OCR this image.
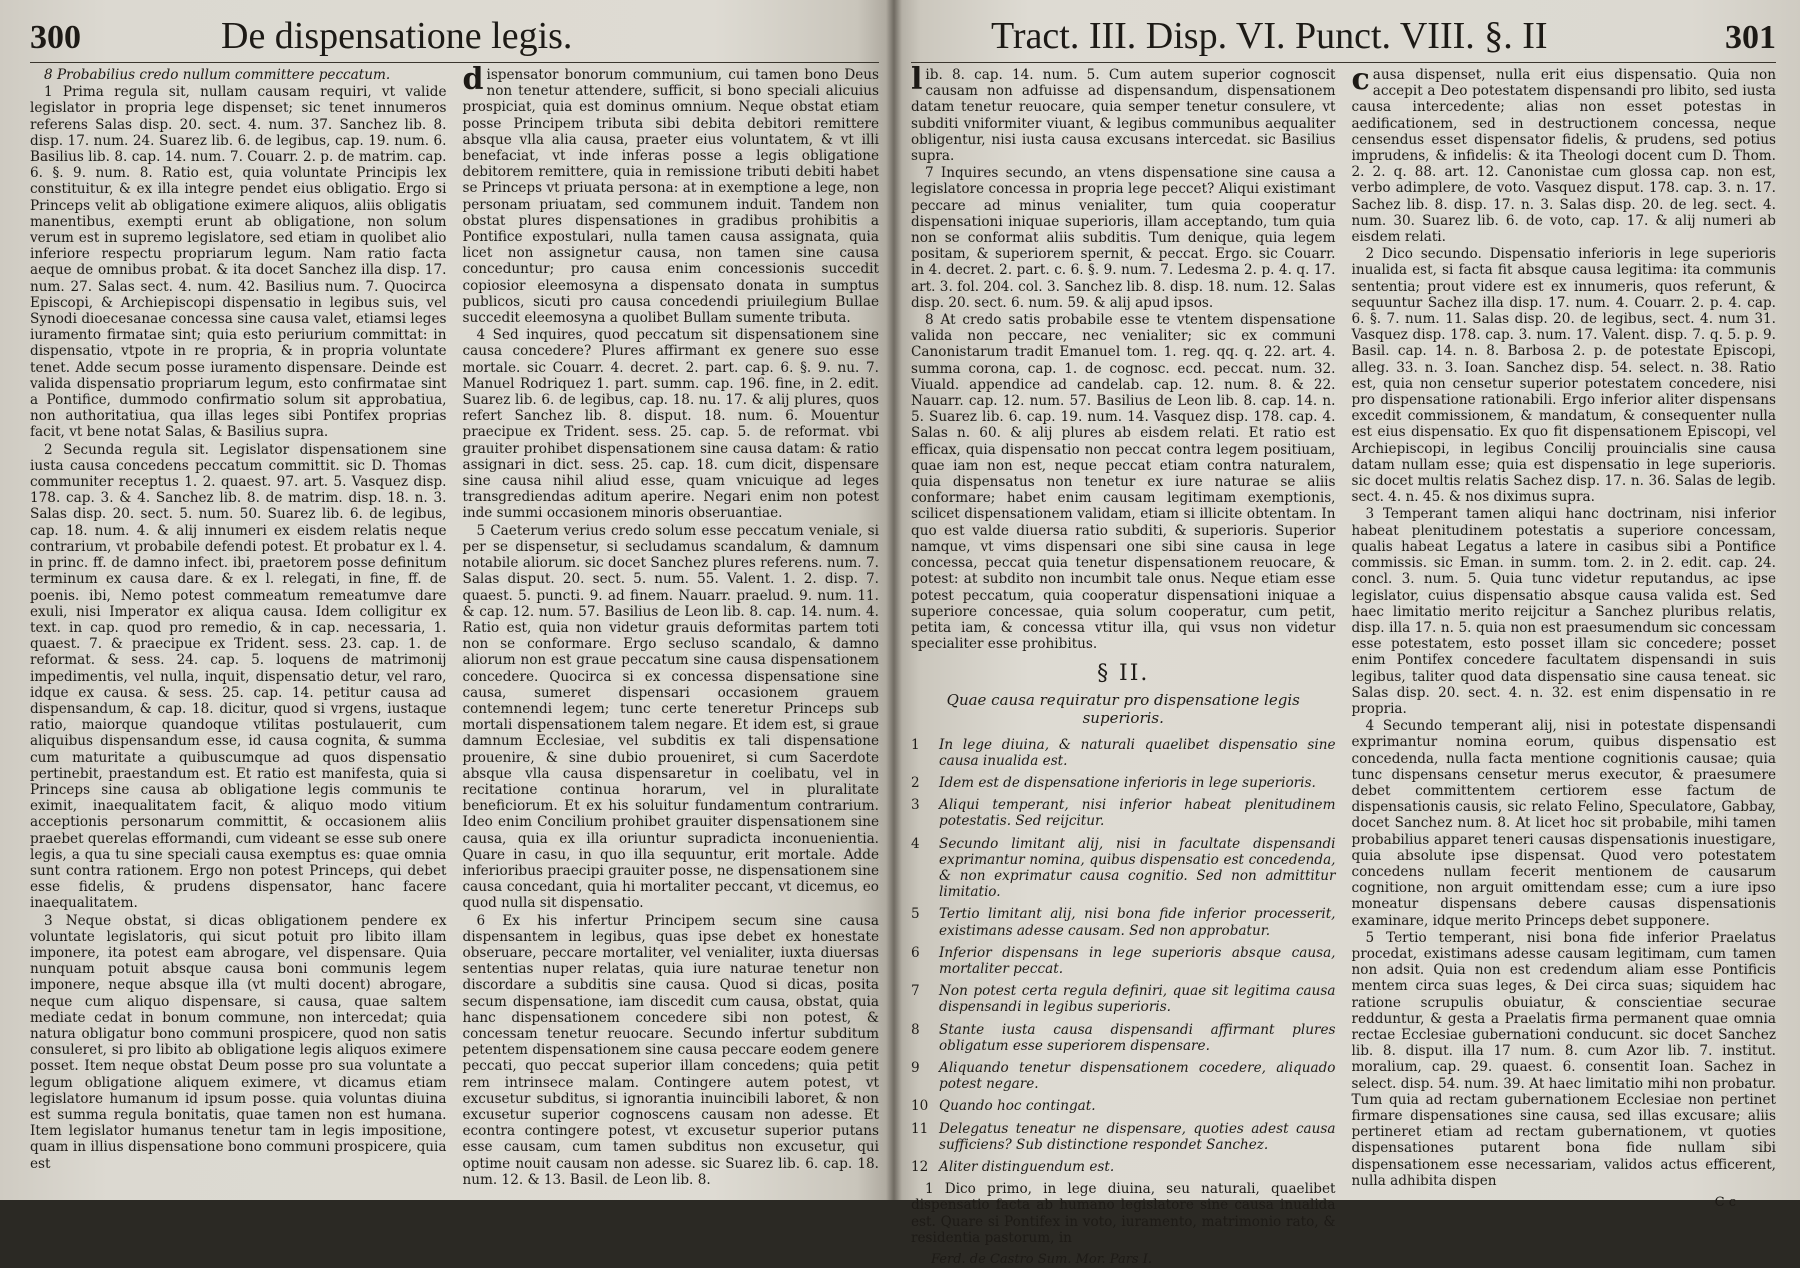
300	De dispensatione legis.

8 Probabilius credo nullum committere peccatum.

1 Prima regula sit, nullam causam requiri, vt valide legislator in propria lege dispenset; sic tenet innumeros referens Salas disp. 20. sect. 4. num. 37. Sanchez lib. 8. disp. 17. num. 24. Suarez lib. 6. de legibus, cap. 19. num. 6. Basilius lib. 8. cap. 14. num. 7. Couarr. 2. p. de matrim. cap. 6. §. 9. num. 8. Ratio est, quia voluntate Principis lex constituitur, & ex illa integre pendet eius obligatio. Ergo si Princeps velit ab obligatione eximere aliquos, aliis obligatis manentibus, exempti erunt ab obligatione, non solum verum est in supremo legislatore, sed etiam in quolibet alio inferiore respectu propriarum legum. Nam ratio facta aeque de omnibus probat. & ita docet Sanchez illa disp. 17. num. 27. Salas sect. 4. num. 42. Basilius num. 7. Quocirca Episcopi, & Archiepiscopi dispensatio in legibus suis, vel Synodi dioecesanae concessa sine causa valet, etiamsi leges iuramento firmatae sint; quia esto periurium committat: in dispensatio, vtpote in re propria, & in propria voluntate tenet. Adde secum posse iuramento dispensare. Deinde est valida dispensatio propriarum legum, esto confirmatae sint a Pontifice, dummodo confirmatio solum sit approbatiua, non authoritatiua, qua illas leges sibi Pontifex proprias facit, vt bene notat Salas, & Basilius supra.

2 Secunda regula sit. Legislator dispensationem sine iusta causa concedens peccatum committit. sic D. Thomas communiter receptus 1. 2. quaest. 97. art. 5. Vasquez disp. 178. cap. 3. & 4. Sanchez lib. 8. de matrim. disp. 18. n. 3. Salas disp. 20. sect. 5. num. 50. Suarez lib. 6. de legibus, cap. 18. num. 4. & alij innumeri ex eisdem relatis neque contrarium, vt probabile defendi potest. Et probatur ex l. 4. in princ. ff. de damno infect. ibi, praetorem posse definitum terminum ex causa dare. & ex l. relegati, in fine, ff. de poenis. ibi, Nemo potest commeatum remeatumve dare exuli, nisi Imperator ex aliqua causa. Idem colligitur ex text. in cap. quod pro remedio, & in cap. necessaria, 1. quaest. 7. & praecipue ex Trident. sess. 23. cap. 1. de reformat. & sess. 24. cap. 5. loquens de matrimonij impedimentis, vel nulla, inquit, dispensatio detur, vel raro, idque ex causa. & sess. 25. cap. 14. petitur causa ad dispensandum, & cap. 18. dicitur, quod si vrgens, iustaque ratio, maiorque quandoque vtilitas postulauerit, cum aliquibus dispensandum esse, id causa cognita, & summa cum maturitate a quibuscumque ad quos dispensatio pertinebit, praestandum est. Et ratio est manifesta, quia si Princeps sine causa ab obligatione legis communis te eximit, inaequalitatem facit, & aliquo modo vitium acceptionis personarum committit, & occasionem aliis praebet querelas efformandi, cum videant se esse sub onere legis, a qua tu sine speciali causa exemptus es: quae omnia sunt contra rationem. Ergo non potest Princeps, qui debet esse fidelis, & prudens dispensator, hanc facere inaequalitatem.

3 Neque obstat, si dicas obligationem pendere ex voluntate legislatoris, qui sicut potuit pro libito illam imponere, ita potest eam abrogare, vel dispensare. Quia nunquam potuit absque causa boni communis legem imponere, neque absque illa (vt multi docent) abrogare, neque cum aliquo dispensare, si causa, quae saltem mediate cedat in bonum commune, non intercedat; quia natura obligatur bono communi prospicere, quod non satis consuleret, si pro libito ab obligatione legis aliquos eximere posset. Item neque obstat Deum posse pro sua voluntate a legum obligatione aliquem eximere, vt dicamus etiam legislatore humanum id ipsum posse. quia voluntas diuina est summa regula bonitatis, quae tamen non est humana. Item legislator humanus tenetur tam in legis impositione, quam in illius dispensatione bono communi prospicere, quia est

dispensator bonorum communium, cui tamen bono Deus non tenetur attendere, sufficit, si bono speciali alicuius prospiciat, quia est dominus omnium. Neque obstat etiam posse Principem tributa sibi debita debitori remittere absque vlla alia causa, praeter eius voluntatem, & vt illi benefaciat, vt inde inferas posse a legis obligatione debitorem remittere, quia in remissione tributi debiti habet se Princeps vt priuata persona: at in exemptione a lege, non personam priuatam, sed communem induit. Tandem non obstat plures dispensationes in gradibus prohibitis a Pontifice expostulari, nulla tamen causa assignata, quia licet non assignetur causa, non tamen sine causa conceduntur; pro causa enim concessionis succedit copiosior eleemosyna a dispensato donata in sumptus publicos, sicuti pro causa concedendi priuilegium Bullae succedit eleemosyna a quolibet Bullam sumente tributa.

4 Sed inquires, quod peccatum sit dispensationem sine causa concedere? Plures affirmant ex genere suo esse mortale. sic Couarr. 4. decret. 2. part. cap. 6. §. 9. nu. 7. Manuel Rodriquez 1. part. summ. cap. 196. fine, in 2. edit. Suarez lib. 6. de legibus, cap. 18. nu. 17. & alij plures, quos refert Sanchez lib. 8. disput. 18. num. 6. Mouentur praecipue ex Trident. sess. 25. cap. 5. de reformat. vbi grauiter prohibet dispensationem sine causa datam: & ratio assignari in dict. sess. 25. cap. 18. cum dicit, dispensare sine causa nihil aliud esse, quam vnicuique ad leges transgrediendas aditum aperire. Negari enim non potest inde summi occasionem minoris obseruantiae.

5 Caeterum verius credo solum esse peccatum veniale, si per se dispensetur, si secludamus scandalum, & damnum notabile aliorum. sic docet Sanchez plures referens. num. 7. Salas disput. 20. sect. 5. num. 55. Valent. 1. 2. disp. 7. quaest. 5. puncti. 9. ad finem. Nauarr. praelud. 9. num. 11. & cap. 12. num. 57. Basilius de Leon lib. 8. cap. 14. num. 4. Ratio est, quia non videtur grauis deformitas partem toti non se conformare. Ergo secluso scandalo, & damno aliorum non est graue peccatum sine causa dispensationem concedere. Quocirca si ex concessa dispensatione sine causa, sumeret dispensari occasionem grauem contemnendi legem; tunc certe teneretur Princeps sub mortali dispensationem talem negare. Et idem est, si graue damnum Ecclesiae, vel subditis ex tali dispensatione prouenire, & sine dubio proueniret, si cum Sacerdote absque vlla causa dispensaretur in coelibatu, vel in recitatione continua horarum, vel in pluralitate beneficiorum. Et ex his soluitur fundamentum contrarium. Ideo enim Concilium prohibet grauiter dispensationem sine causa, quia ex illa oriuntur supradicta inconuenientia. Quare in casu, in quo illa sequuntur, erit mortale. Adde inferioribus praecipi grauiter posse, ne dispensationem sine causa concedant, quia hi mortaliter peccant, vt dicemus, eo quod nulla sit dispensatio.

6 Ex his infertur Principem secum sine causa dispensantem in legibus, quas ipse debet ex honestate obseruare, peccare mortaliter, vel venialiter, iuxta diuersas sententias nuper relatas, quia iure naturae tenetur non discordare a subditis sine causa. Quod si dicas, posita secum dispensatione, iam discedit cum causa, obstat, quia hanc dispensationem concedere sibi non potest, & concessam tenetur reuocare. Secundo infertur subditum petentem dispensationem sine causa peccare eodem genere peccati, quo peccat superior illam concedens; quia petit rem intrinsece malam. Contingere autem potest, vt excusetur subditus, si ignorantia inuincibili laboret, & non excusetur superior cognoscens causam non adesse. Et econtra contingere potest, vt excusetur superior putans esse causam, cum tamen subditus non excusetur, qui optime nouit causam non adesse. sic Suarez lib. 6. cap. 18. num. 12. & 13. Basil. de Leon lib. 8.

Tract. III. Disp. VI. Punct. VIII. §. II	301

lib. 8. cap. 14. num. 5. Cum autem superior cognoscit causam non adfuisse ad dispensandum, dispensationem datam tenetur reuocare, quia semper tenetur consulere, vt subditi vniformiter viuant, & legibus communibus aequaliter obligentur, nisi iusta causa excusans intercedat. sic Basilius supra.

7 Inquires secundo, an vtens dispensatione sine causa a legislatore concessa in propria lege peccet? Aliqui existimant peccare ad minus venialiter, tum quia cooperatur dispensationi iniquae superioris, illam acceptando, tum quia non se conformat aliis subditis. Tum denique, quia legem positam, & superiorem spernit, & peccat. Ergo. sic Couarr. in 4. decret. 2. part. c. 6. §. 9. num. 7. Ledesma 2. p. 4. q. 17. art. 3. fol. 204. col. 3. Sanchez lib. 8. disp. 18. num. 12. Salas disp. 20. sect. 6. num. 59. & alij apud ipsos.

8 At credo satis probabile esse te vtentem dispensatione valida non peccare, nec venialiter; sic ex communi Canonistarum tradit Emanuel tom. 1. reg. qq. q. 22. art. 4. summa corona, cap. 1. de cognosc. ecd. peccat. num. 32. Viuald. appendice ad candelab. cap. 12. num. 8. & 22. Nauarr. cap. 12. num. 57. Basilius de Leon lib. 8. cap. 14. n. 5. Suarez lib. 6. cap. 19. num. 14. Vasquez disp. 178. cap. 4. Salas n. 60. & alij plures ab eisdem relati. Et ratio est efficax, quia dispensatio non peccat contra legem positiuam, quae iam non est, neque peccat etiam contra naturalem, quia dispensatus non tenetur ex iure naturae se aliis conformare; habet enim causam legitimam exemptionis, scilicet dispensationem validam, etiam si illicite obtentam. In quo est valde diuersa ratio subditi, & superioris. Superior namque, vt vims dispensari one sibi sine causa in lege concessa, peccat quia tenetur dispensationem reuocare, & potest: at subdito non incumbit tale onus. Neque etiam esse potest peccatum, quia cooperatur dispensationi iniquae a superiore concessae, quia solum cooperatur, cum petit, petita iam, & concessa vtitur illa, qui vsus non videtur specialiter esse prohibitus.

§ II.
Quae causa requiratur pro dispensatione legis superioris.
1	In lege diuina, & naturali quaelibet dispensatio sine causa inualida est.
2	Idem est de dispensatione inferioris in lege superioris.
3	Aliqui temperant, nisi inferior habeat plenitudinem potestatis. Sed reijcitur.
4	Secundo limitant alij, nisi in facultate dispensandi exprimantur nomina, quibus dispensatio est concedenda, & non exprimatur causa cognitio. Sed non admittitur limitatio.
5	Tertio limitant alij, nisi bona fide inferior processerit, existimans adesse causam. Sed non approbatur.
6	Inferior dispensans in lege superioris absque causa, mortaliter peccat.
7	Non potest certa regula definiri, quae sit legitima causa dispensandi in legibus superioris.
8	Stante iusta causa dispensandi affirmant plures obligatum esse superiorem dispensare.
9	Aliquando tenetur dispensationem cocedere, aliquado potest negare.
10 Quando hoc contingat.
11 Delegatus teneatur ne dispensare, quoties adest causa sufficiens? Sub distinctione respondet Sanchez.
12 Aliter distinguendum est.

1 Dico primo, in lege diuina, seu naturali, quaelibet dispensatio facta ab humano legislatore sine causa inualida est. Quare si Pontifex in voto, iuramento, matrimonio rato, & residentia pastorum, in

Ferd. de Castro Sum. Mor. Pars I.

causa dispenset, nulla erit eius dispensatio. Quia non accepit a Deo potestatem dispensandi pro libito, sed iusta causa intercedente; alias non esset potestas in aedificationem, sed in destructionem concessa, neque censendus esset dispensator fidelis, & prudens, sed potius imprudens, & infidelis: & ita Theologi docent cum D. Thom. 2. 2. q. 88. art. 12. Canonistae cum glossa cap. non est, verbo adimplere, de voto. Vasquez disput. 178. cap. 3. n. 17. Sachez lib. 8. disp. 17. n. 3. Salas disp. 20. de leg. sect. 4. num. 30. Suarez lib. 6. de voto, cap. 17. & alij numeri ab eisdem relati.

2 Dico secundo. Dispensatio inferioris in lege superioris inualida est, si facta fit absque causa legitima: ita communis sententia; prout videre est ex innumeris, quos referunt, & sequuntur Sachez illa disp. 17. num. 4. Couarr. 2. p. 4. cap. 6. §. 7. num. 11. Salas disp. 20. de legibus, sect. 4. num 31. Vasquez disp. 178. cap. 3. num. 17. Valent. disp. 7. q. 5. p. 9. Basil. cap. 14. n. 8. Barbosa 2. p. de potestate Episcopi, alleg. 33. n. 3. Ioan. Sanchez disp. 54. select. n. 38. Ratio est, quia non censetur superior potestatem concedere, nisi pro dispensatione rationabili. Ergo inferior aliter dispensans excedit commissionem, & mandatum, & consequenter nulla est eius dispensatio. Ex quo fit dispensationem Episcopi, vel Archiepiscopi, in legibus Concilij prouincialis sine causa datam nullam esse; quia est dispensatio in lege superioris. sic docet multis relatis Sachez disp. 17. n. 36. Salas de legib. sect. 4. n. 45. & nos diximus supra.

3 Temperant tamen aliqui hanc doctrinam, nisi inferior habeat plenitudinem potestatis a superiore concessam, qualis habeat Legatus a latere in casibus sibi a Pontifice commissis. sic Eman. in summ. tom. 2. in 2. edit. cap. 24. concl. 3. num. 5. Quia tunc videtur reputandus, ac ipse legislator, cuius dispensatio absque causa valida est. Sed haec limitatio merito reijcitur a Sanchez pluribus relatis, disp. illa 17. n. 5. quia non est praesumendum sic concessam esse potestatem, esto posset illam sic concedere; posset enim Pontifex concedere facultatem dispensandi in suis legibus, taliter quod data dispensatio sine causa teneat. sic Salas disp. 20. sect. 4. n. 32. est enim dispensatio in re propria.

4 Secundo temperant alij, nisi in potestate dispensandi exprimantur nomina eorum, quibus dispensatio est concedenda, nulla facta mentione cognitionis causae; quia tunc dispensans censetur merus executor, & praesumere debet committentem certiorem esse factum de dispensationis causis, sic relato Felino, Speculatore, Gabbay, docet Sanchez num. 8. At licet hoc sit probabile, mihi tamen probabilius apparet teneri causas dispensationis inuestigare, quia absolute ipse dispensat. Quod vero potestatem concedens nullam fecerit mentionem de causarum cognitione, non arguit omittendam esse; cum a iure ipso moneatur dispensans debere causas dispensationis examinare, idque merito Princeps debet supponere.

5 Tertio temperant, nisi bona fide inferior Praelatus procedat, existimans adesse causam legitimam, cum tamen non adsit. Quia non est credendum aliam esse Pontificis mentem circa suas leges, & Dei circa suas; siquidem hac ratione scrupulis obuiatur, & conscientiae securae redduntur, & gesta a Praelatis firma permanent quae omnia rectae Ecclesiae gubernationi conducunt. sic docet Sanchez lib. 8. disput. illa 17 num. 8. cum Azor lib. 7. institut. moralium, cap. 29. quaest. 6. consentit Ioan. Sachez in select. disp. 54. num. 39. At haec limitatio mihi non probatur. Tum quia ad rectam gubernationem Ecclesiae non pertinet firmare dispensationes sine causa, sed illas excusare; aliis pertineret etiam ad rectam gubernationem, vt quoties dispensationes putarent bona fide nullam sibi dispensationem esse necessariam, validos actus efficerent, nulla adhibita dispen

C c
